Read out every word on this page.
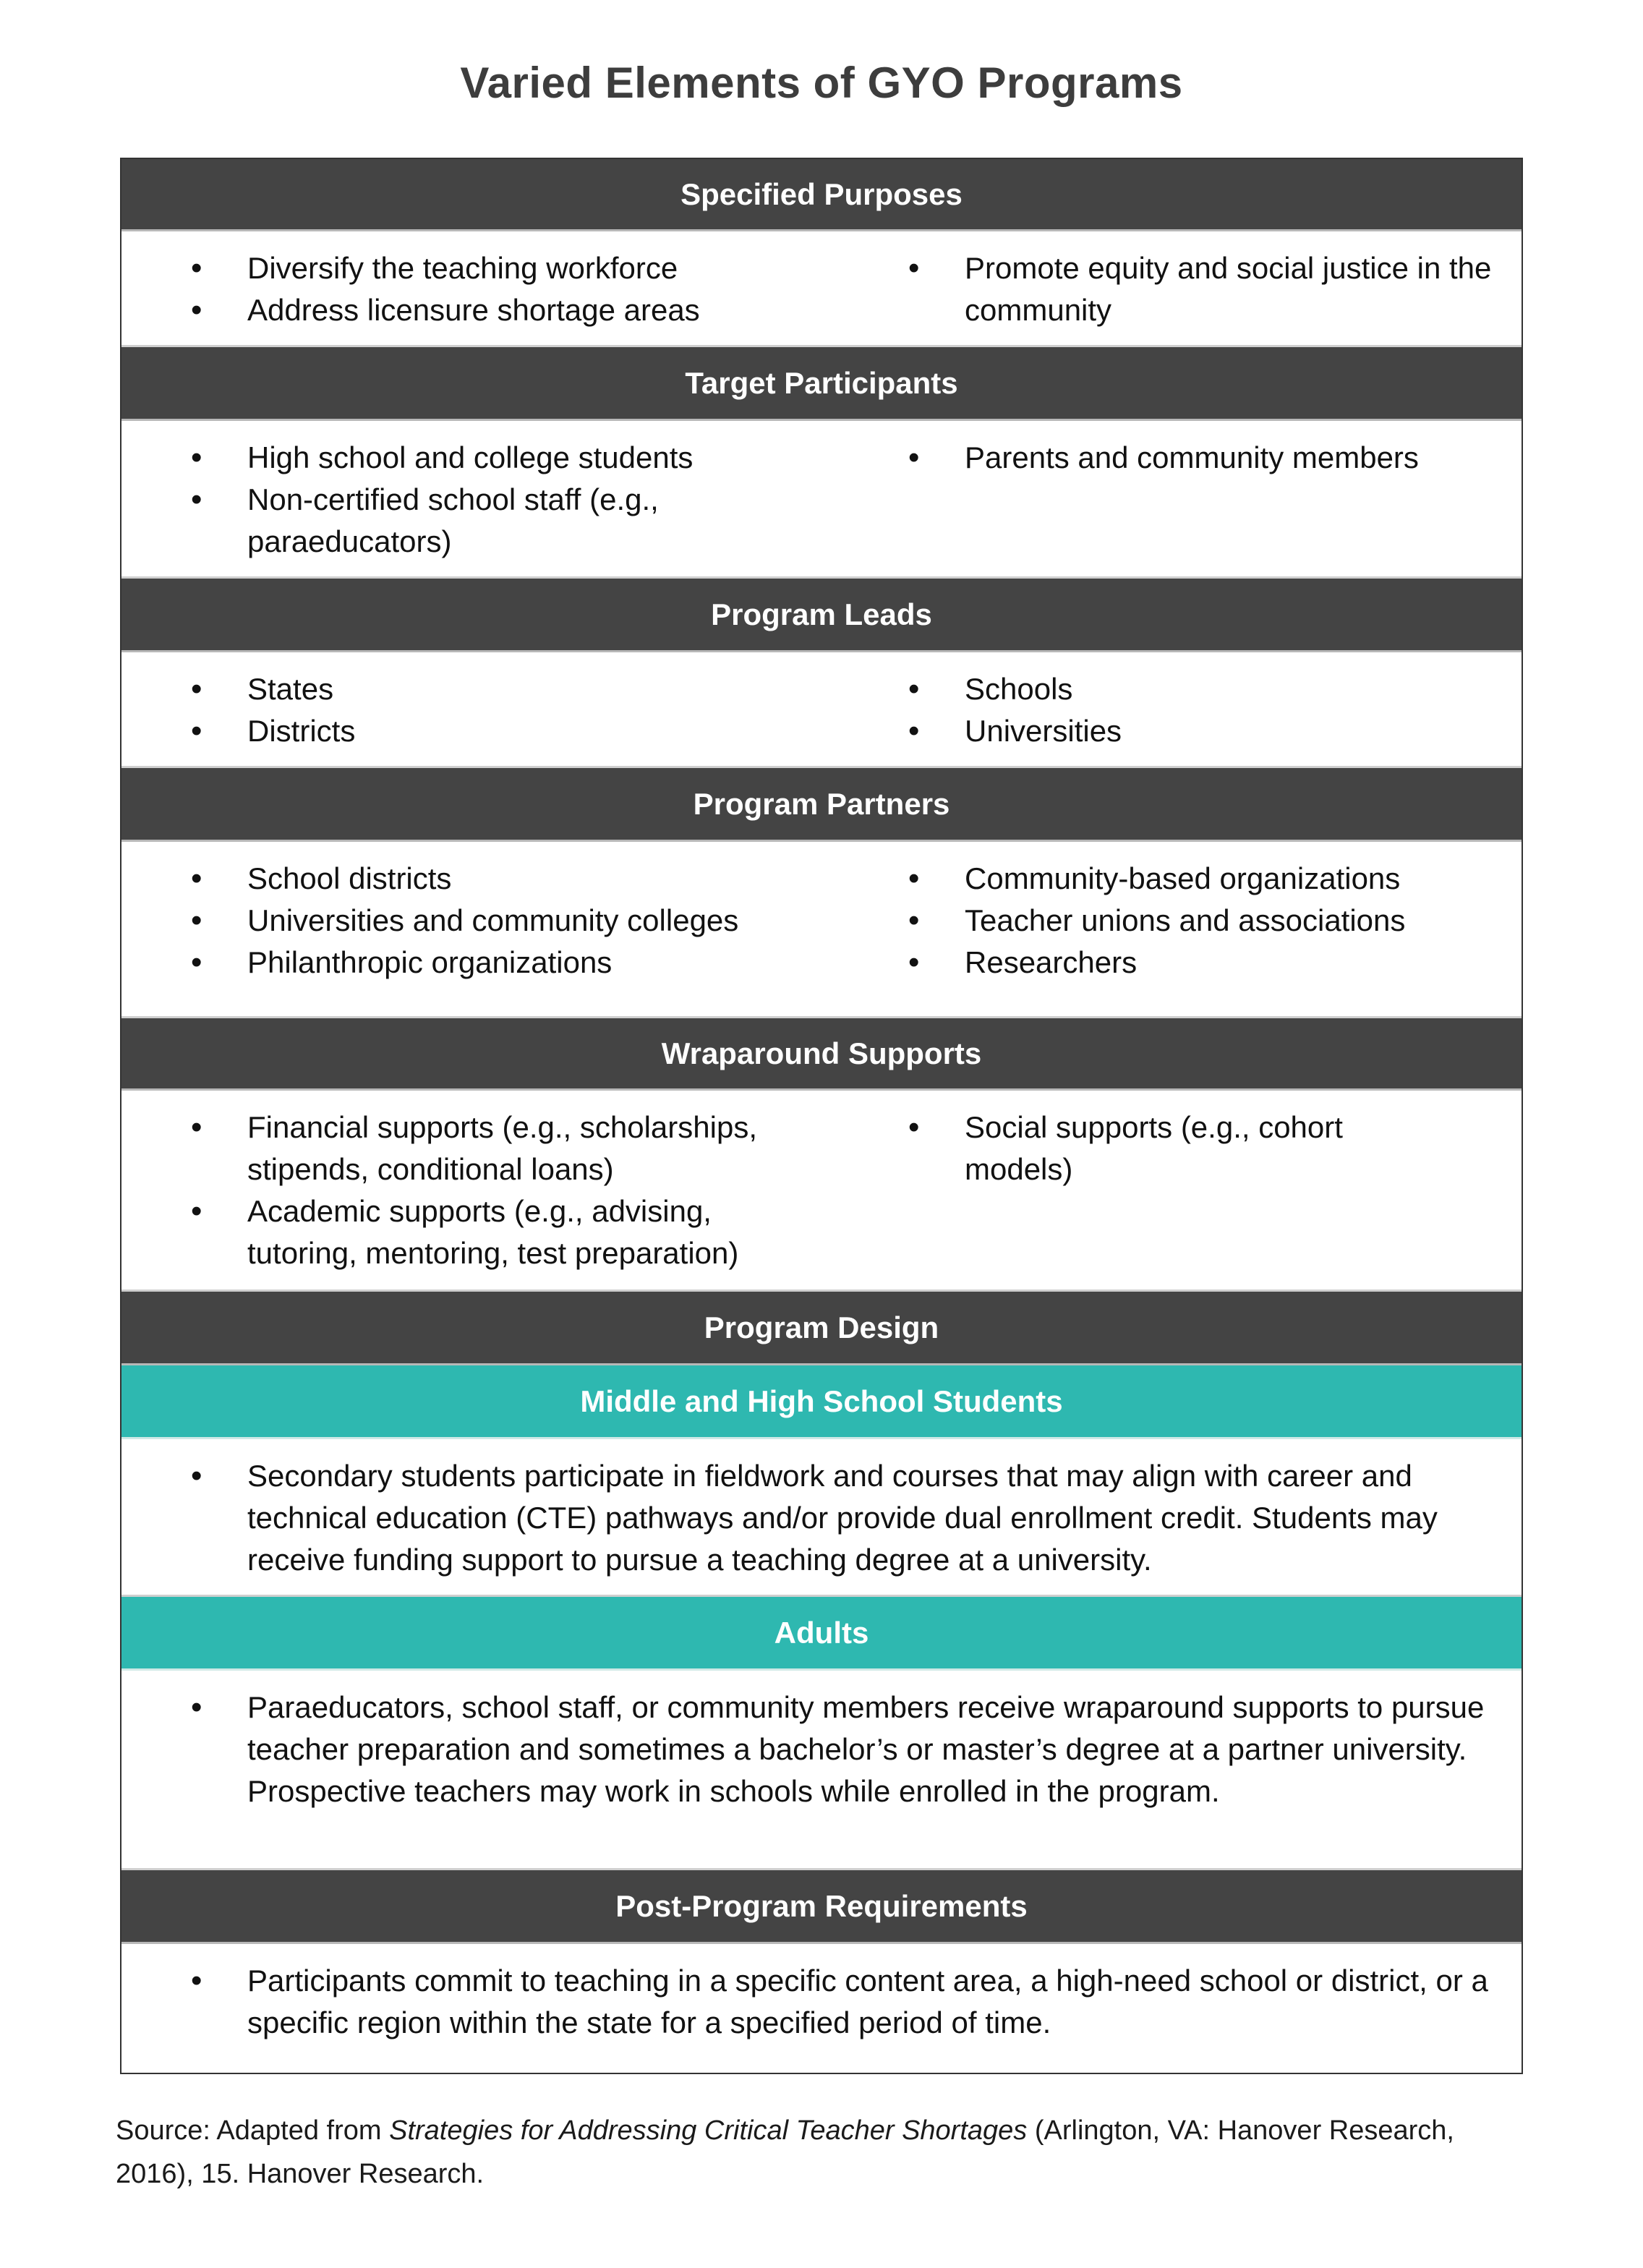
Varied Elements of GYO Programs
Specified Purposes
• Diversify the teaching workforce
• Address licensure shortage areas
• Promote equity and social justice in the community
Target Participants
• High school and college students
• Non-certified school staff (e.g., paraeducators)
• Parents and community members
Program Leads
• States
• Districts
• Schools
• Universities
Program Partners
• School districts
• Universities and community colleges
• Philanthropic organizations
• Community-based organizations
• Teacher unions and associations
• Researchers
Wraparound Supports
• Financial supports (e.g., scholarships, stipends, conditional loans)
• Academic supports (e.g., advising, tutoring, mentoring, test preparation)
• Social supports (e.g., cohort models)
Program Design
Middle and High School Students
• Secondary students participate in fieldwork and courses that may align with career and technical education (CTE) pathways and/or provide dual enrollment credit. Students may receive funding support to pursue a teaching degree at a university.
Adults
• Paraeducators, school staff, or community members receive wraparound supports to pursue teacher preparation and sometimes a bachelor’s or master’s degree at a partner university. Prospective teachers may work in schools while enrolled in the program.
Post-Program Requirements
• Participants commit to teaching in a specific content area, a high-need school or district, or a specific region within the state for a specified period of time.
Source: Adapted from Strategies for Addressing Critical Teacher Shortages (Arlington, VA: Hanover Research, 2016), 15. Hanover Research.
